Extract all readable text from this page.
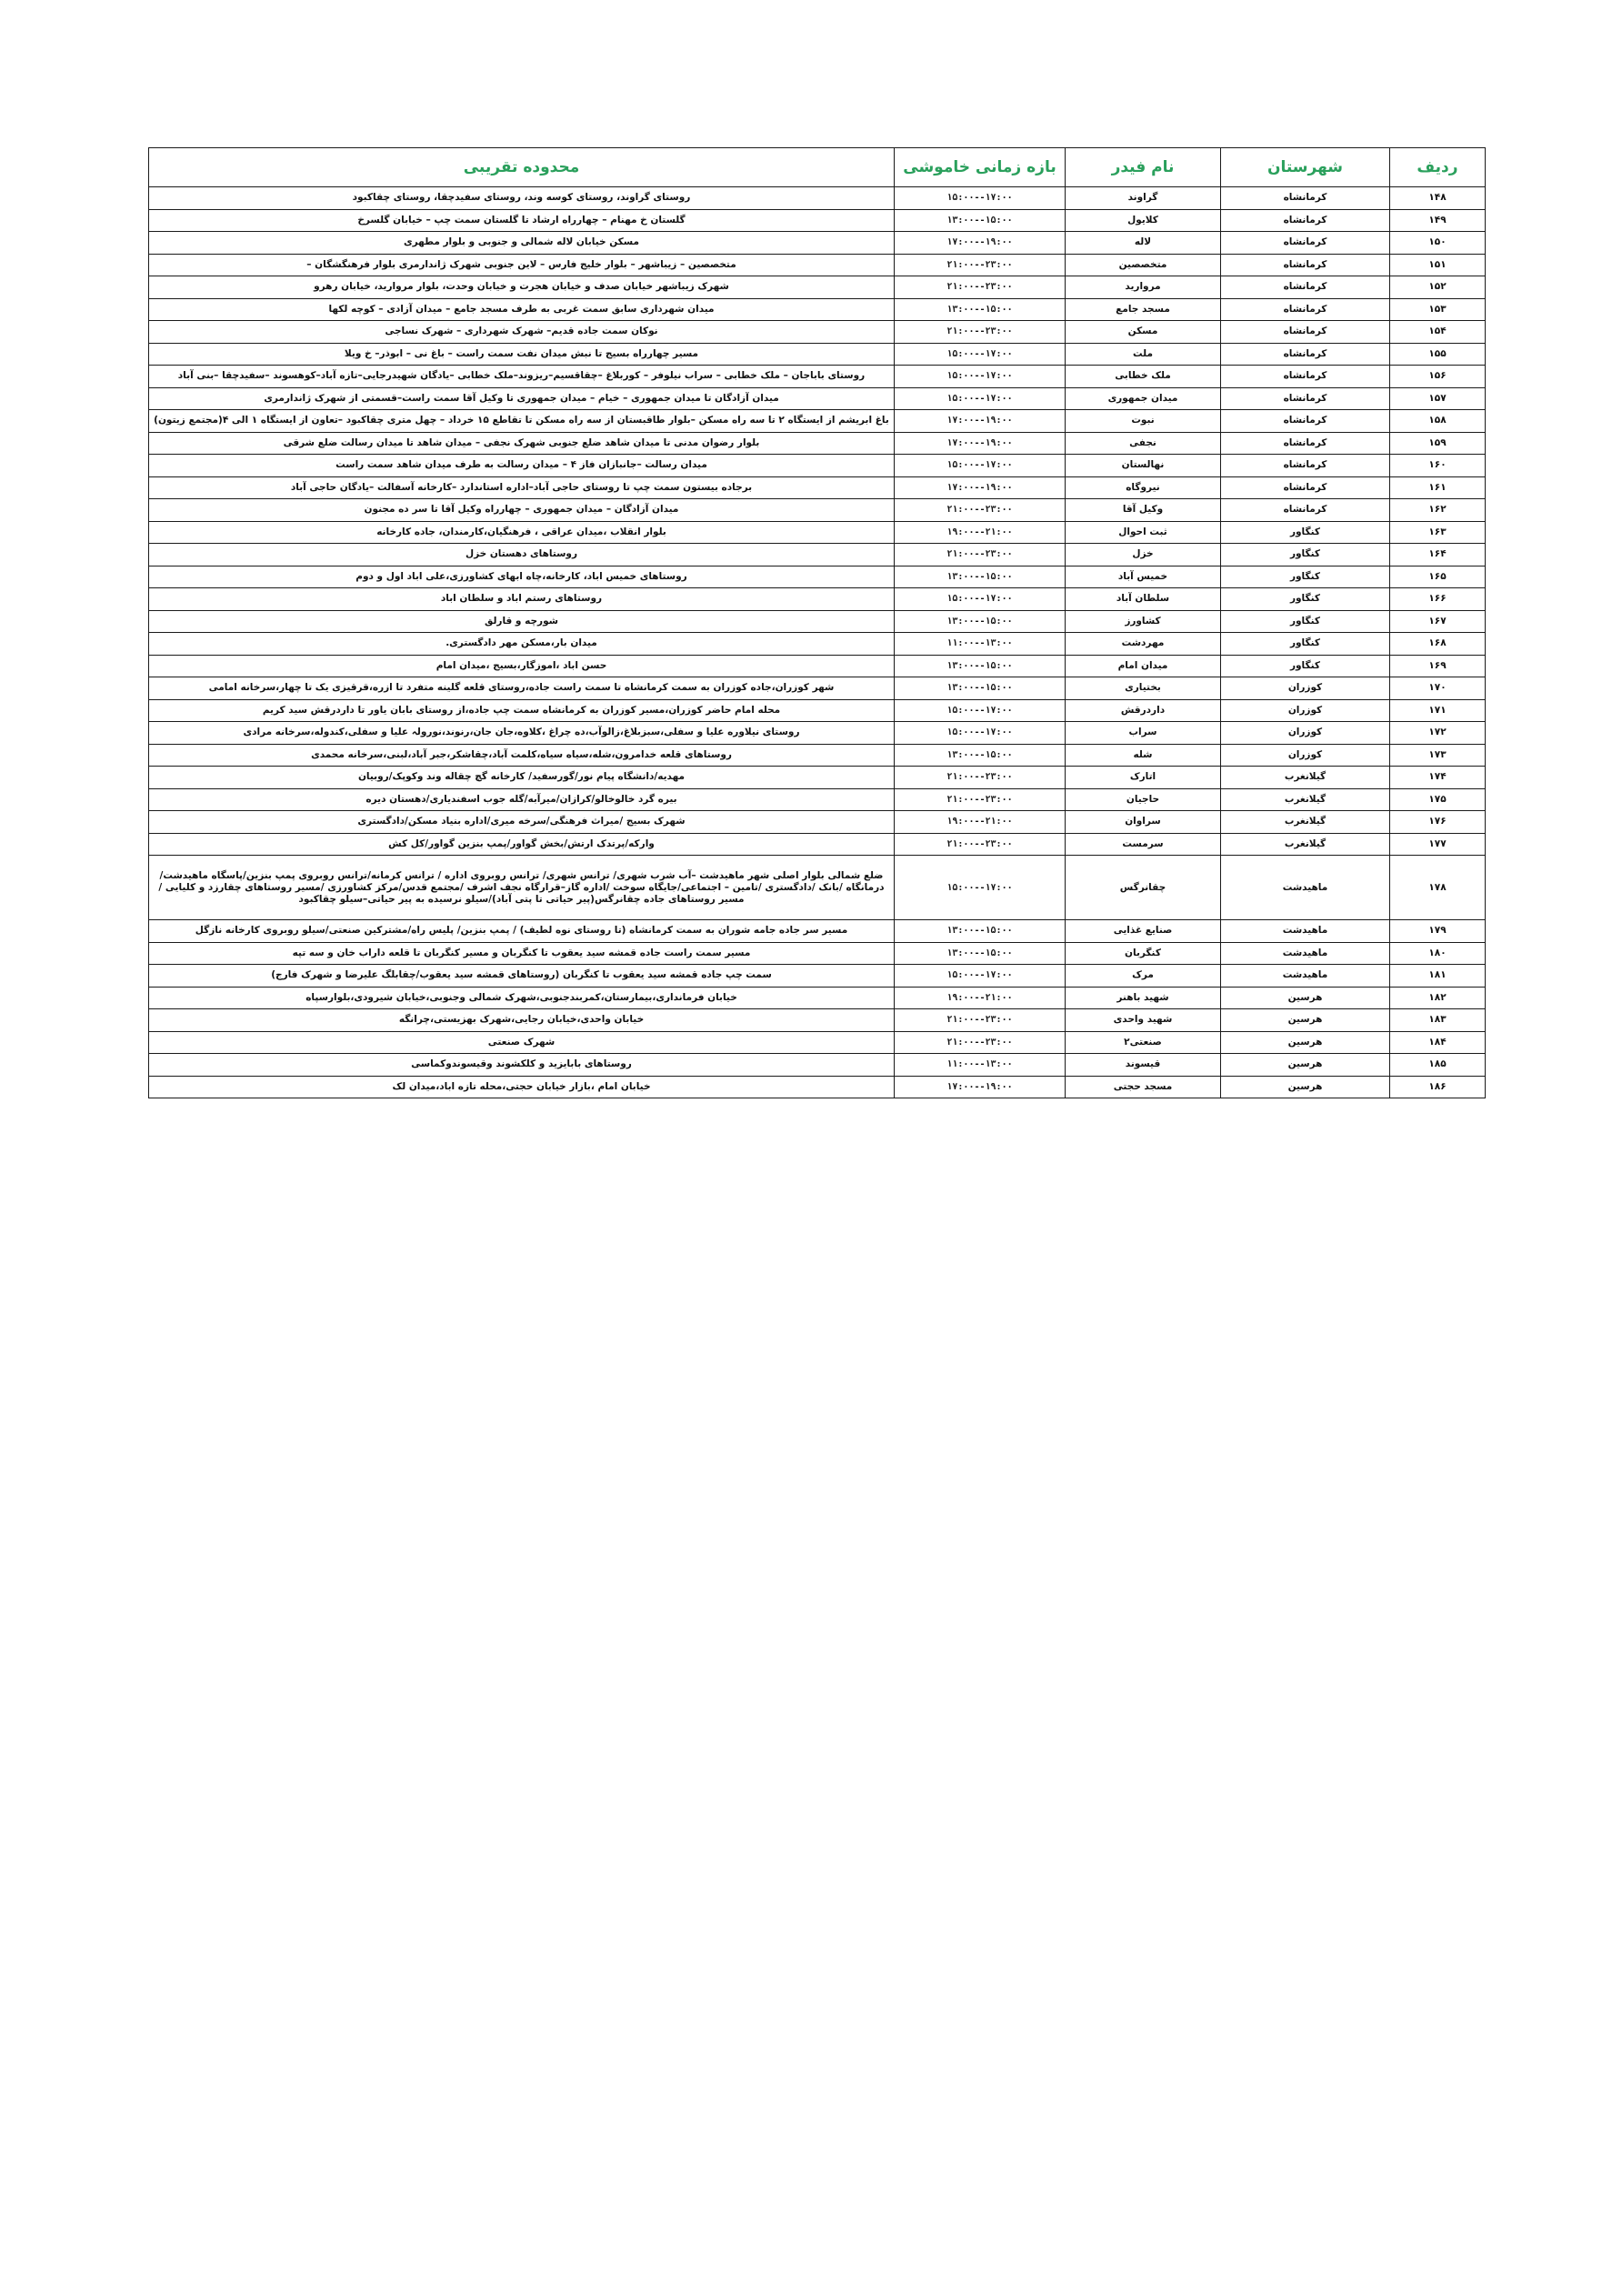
ردیف	شهرستان	نام فیدر	بازه زمانی خاموشی	محدوده تقریبی
۱۴۸	کرمانشاه	گراوند	۱۵:۰۰--۱۷:۰۰	روستای گراوند، روستای کوسه وند، روستای سفیدچقا، روستای چقاکبود
۱۴۹	کرمانشاه	کلایول	۱۳:۰۰--۱۵:۰۰	گلستان خ مهنام – چهارراه ارشاد تا گلستان سمت چپ – خیابان گلسرخ
۱۵۰	کرمانشاه	لاله	۱۷:۰۰--۱۹:۰۰	مسکن خیابان لاله شمالی و جنوبی و بلوار مطهری
۱۵۱	کرمانشاه	متخصصین	۲۱:۰۰--۲۳:۰۰	متخصصین – زیباشهر – بلوار خلیج فارس – لاین جنوبی شهرک ژاندارمری بلوار فرهنگشگان –
۱۵۲	کرمانشاه	مروارید	۲۱:۰۰--۲۳:۰۰	شهرک زیباشهر خیابان صدف و خیابان هجرت و خیابان وحدت، بلوار مروارید، خیابان رهرو
۱۵۳	کرمانشاه	مسجد جامع	۱۳:۰۰--۱۵:۰۰	میدان شهرداری سابق سمت غربی به طرف مسجد جامع – میدان آزادی – کوچه لکها
۱۵۴	کرمانشاه	مسکن	۲۱:۰۰--۲۳:۰۰	نوکان سمت جاده قدیم– شهرک شهرداری – شهرک نساجی
۱۵۵	کرمانشاه	ملت	۱۵:۰۰--۱۷:۰۰	مسیر چهارراه بسیج تا نبش میدان نفت سمت راست – باغ نی – ابوذر– خ ویلا
۱۵۶	کرمانشاه	ملک خطابی	۱۵:۰۰--۱۷:۰۰	روستای باباجان – ملک خطابی – سراب نیلوفر – کوربلاغ –چقاقسیم–ریزوند–ملک خطابی –یادگان شهیدرجایی–تازه آباد–کوهسوند –سفیدچقا –بنی آباد
۱۵۷	کرمانشاه	میدان جمهوری	۱۵:۰۰--۱۷:۰۰	میدان آزادگان تا میدان جمهوری – خیام – میدان جمهوری تا وکیل آقا سمت راست–قسمتی از شهرک ژاندارمری
۱۵۸	کرمانشاه	نبوت	۱۷:۰۰--۱۹:۰۰	باغ ابریشم از ایستگاه ۲ تا سه راه مسکن –بلوار طاقبستان از سه راه مسکن تا تقاطع ۱۵ خرداد – چهل متری چقاکبود –تعاون از ایستگاه ۱ الی ۴(مجتمع زیتون)
۱۵۹	کرمانشاه	نجفی	۱۷:۰۰--۱۹:۰۰	بلوار رضوان مدنی تا میدان شاهد ضلع جنوبی شهرک نجفی – میدان شاهد تا میدان رسالت ضلع شرقی
۱۶۰	کرمانشاه	نهالستان	۱۵:۰۰--۱۷:۰۰	میدان رسالت –جانبازان فاز ۴ – میدان رسالت به طرف میدان شاهد سمت راست
۱۶۱	کرمانشاه	نیروگاه	۱۷:۰۰--۱۹:۰۰	برجاده بیستون سمت چپ تا روستای حاجی آباد–اداره استاندارد –کارخانه آسفالت –یادگان حاجی آباد
۱۶۲	کرمانشاه	وکیل آقا	۲۱:۰۰--۲۳:۰۰	میدان آزادگان – میدان جمهوری – چهارراه وکیل آقا تا سر ده مجنون
۱۶۳	کنگاور	ثبت احوال	۱۹:۰۰--۲۱:۰۰	بلوار انقلاب ،میدان عراقی ، فرهنگیان،کارمندان، جاده کارخانه
۱۶۴	کنگاور	خزل	۲۱:۰۰--۲۳:۰۰	روستاهای دهستان خزل
۱۶۵	کنگاور	خمیس آباد	۱۳:۰۰--۱۵:۰۰	روستاهای خمیس اباد، کارخانه،چاه ابهای کشاورزی،علی اباد اول و دوم
۱۶۶	کنگاور	سلطان آباد	۱۵:۰۰--۱۷:۰۰	روستاهای رستم اباد و سلطان اباد
۱۶۷	کنگاور	کشاورز	۱۳:۰۰--۱۵:۰۰	شورچه و قارلق
۱۶۸	کنگاور	مهردشت	۱۱:۰۰--۱۳:۰۰	میدان بار،مسکن مهر دادگستری.
۱۶۹	کنگاور	میدان امام	۱۳:۰۰--۱۵:۰۰	حسن اباد ،اموزگار،بسیج ،میدان امام
۱۷۰	کوزران	بختیاری	۱۳:۰۰--۱۵:۰۰	شهر کوزران،جاده کوزران به سمت کرمانشاه تا سمت راست جاده،روستای قلعه گلینه متفرد تا ازره،قرقیزی یک تا چهار،سرخانه امامی
۱۷۱	کوزران	داردرقش	۱۵:۰۰--۱۷:۰۰	محله امام حاضر کوزران،مسیر کوزران به کرمانشاه سمت چپ جاده،از روستای بابان یاور تا داردرقش سید کریم
۱۷۲	کوزران	سراب	۱۵:۰۰--۱۷:۰۰	روستای نیلاوره علیا و سفلی،سبزبلاغ،زالوآب،ده چراغ ،کلاوه،جان جان،رنوند،نورولہ علیا و سفلی،کندوله،سرخانه مرادی
۱۷۳	کوزران	شله	۱۳:۰۰--۱۵:۰۰	روستاهای قلعه خدامرون،شله،سیاه سیاه،کلمت آباد،چقاشکر،جبر آباد،لبنی،سرخانه محمدی
۱۷۴	گیلانغرب	اتارک	۲۱:۰۰--۲۳:۰۰	مهدیه/دانشگاه پیام نور/گورسفید/ کارخانه گچ چقاله وند وکوپک/روبیان
۱۷۵	گیلانغرب	حاجیان	۲۱:۰۰--۲۳:۰۰	بیره گرد خالوخالو/کرازان/میرآبه/گله جوب اسفندیاری/دهستان دیره
۱۷۶	گیلانغرب	سراوان	۱۹:۰۰--۲۱:۰۰	شهرک بسیج /میراث فرهنگی/سرخه میری/اداره بنیاد مسکن/دادگستری
۱۷۷	گیلانغرب	سرمست	۲۱:۰۰--۲۳:۰۰	وارکه/پرتدک ارتش/بخش گواور/پمپ بنزین گواور/کل کش
۱۷۸	ماهیدشت	چقانرگس	۱۵:۰۰--۱۷:۰۰	ضلع شمالی بلوار اصلی شهر ماهیدشت –آب شرب شهری/ ترانس شهری/ ترانس روبروی اداره / ترانس کرمانه/ترانس روبروی پمپ بنزین/پاسگاه ماهیدشت/ درمانگاه /بانک /دادگستری /تامین – اجتماعی/جایگاه سوخت /اداره گاز–قرارگاه نجف اشرف /مجتمع قدس/مرکز کشاورزی /مسیر روستاهای چقارزد و کلیایی / مسیر روستاهای جاده چقانرگس(پیر حیاتی تا پتی آباد)/سیلو نرسیده به پیر حیاتی–سیلو چقاکبود
۱۷۹	ماهیدشت	صنایع غذایی	۱۳:۰۰--۱۵:۰۰	مسیر سر جاده جامه شوران به سمت کرمانشاه (تا روستای نوه لطیف) / پمپ بنزین/ پلیس راه/مشترکین صنعتی/سیلو روبروی کارخانه نازگل
۱۸۰	ماهیدشت	کنگربان	۱۳:۰۰--۱۵:۰۰	مسیر سمت راست جاده قمشه سید یعقوب تا کنگربان و مسیر کنگربان تا قلعه داراب خان و سه تپه
۱۸۱	ماهیدشت	مرک	۱۵:۰۰--۱۷:۰۰	سمت چپ جاده قمشه سید یعقوب تا کنگربان (روستاهای قمشه سید یعقوب/چقابلگ علیرضا و شهرک فارج)
۱۸۲	هرسین	شهید باهنر	۱۹:۰۰--۲۱:۰۰	خیابان فرمانداری،بیمارستان،کمربندجنوبی،شهرک شمالی وجنوبی،خیابان شیرودی،بلوارسپاه
۱۸۳	هرسین	شهید واحدی	۲۱:۰۰--۲۳:۰۰	خیابان واحدی،خیابان رجایی،شهرک بهزیستی،چرانگه
۱۸۴	هرسین	صنعتی۲	۲۱:۰۰--۲۳:۰۰	شهرک صنعتی
۱۸۵	هرسین	قیسوند	۱۱:۰۰--۱۳:۰۰	روستاهای بابایزید و کلکشوند وقیسوندوکماسی
۱۸۶	هرسین	مسجد حجتی	۱۷:۰۰--۱۹:۰۰	خیابان امام ،بازار خیابان حجتی،محله تازه اباد،میدان لک
